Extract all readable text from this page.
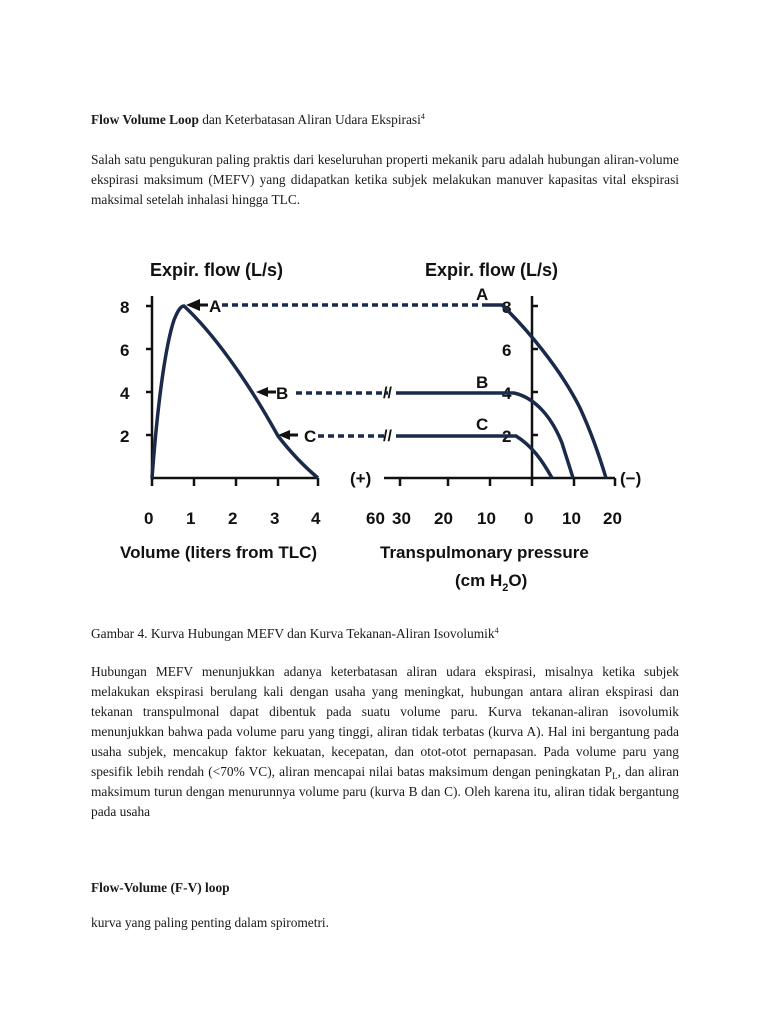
Flow Volume Loop dan Keterbatasan Aliran Udara Ekspirasi$^4$
Salah satu pengukuran paling praktis dari keseluruhan properti mekanik paru adalah hubungan aliran-volume ekspirasi maksimum (MEFV) yang didapatkan ketika subjek melakukan manuver kapasitas vital ekspirasi maksimal setelah inhalasi hingga TLC.
Expir. flow (L/s)	Expir. flow (L/s)
8
6
4
2
0 1 2 3 4
Volume (liters from TLC)
A
B
C
//
//
8
6
4
2
60 30 20 10 0 10 20
(+)	(−)
A
B
C
Transpulmonary pressure
(cm $H_2O$)
Gambar 4. Kurva Hubungan MEFV dan Kurva Tekanan-Aliran Isovolumik$^4$
Hubungan MEFV menunjukkan adanya keterbatasan aliran udara ekspirasi, misalnya ketika subjek melakukan ekspirasi berulang kali dengan usaha yang meningkat, hubungan antara aliran ekspirasi dan tekanan transpulmonal dapat dibentuk pada suatu volume paru. Kurva tekanan-aliran isovolumik menunjukkan bahwa pada volume paru yang tinggi, aliran tidak terbatas (kurva A). Hal ini bergantung pada usaha subjek, mencakup faktor kekuatan, kecepatan, dan otot-otot pernapasan. Pada volume paru yang spesifik lebih rendah (<70% VC), aliran mencapai nilai batas maksimum dengan peningkatan $P_L$, dan aliran maksimum turun dengan menurunnya volume paru (kurva B dan C). Oleh karena itu, aliran tidak bergantung pada usaha
Flow-Volume (F-V) loop
kurva yang paling penting dalam spirometri.
